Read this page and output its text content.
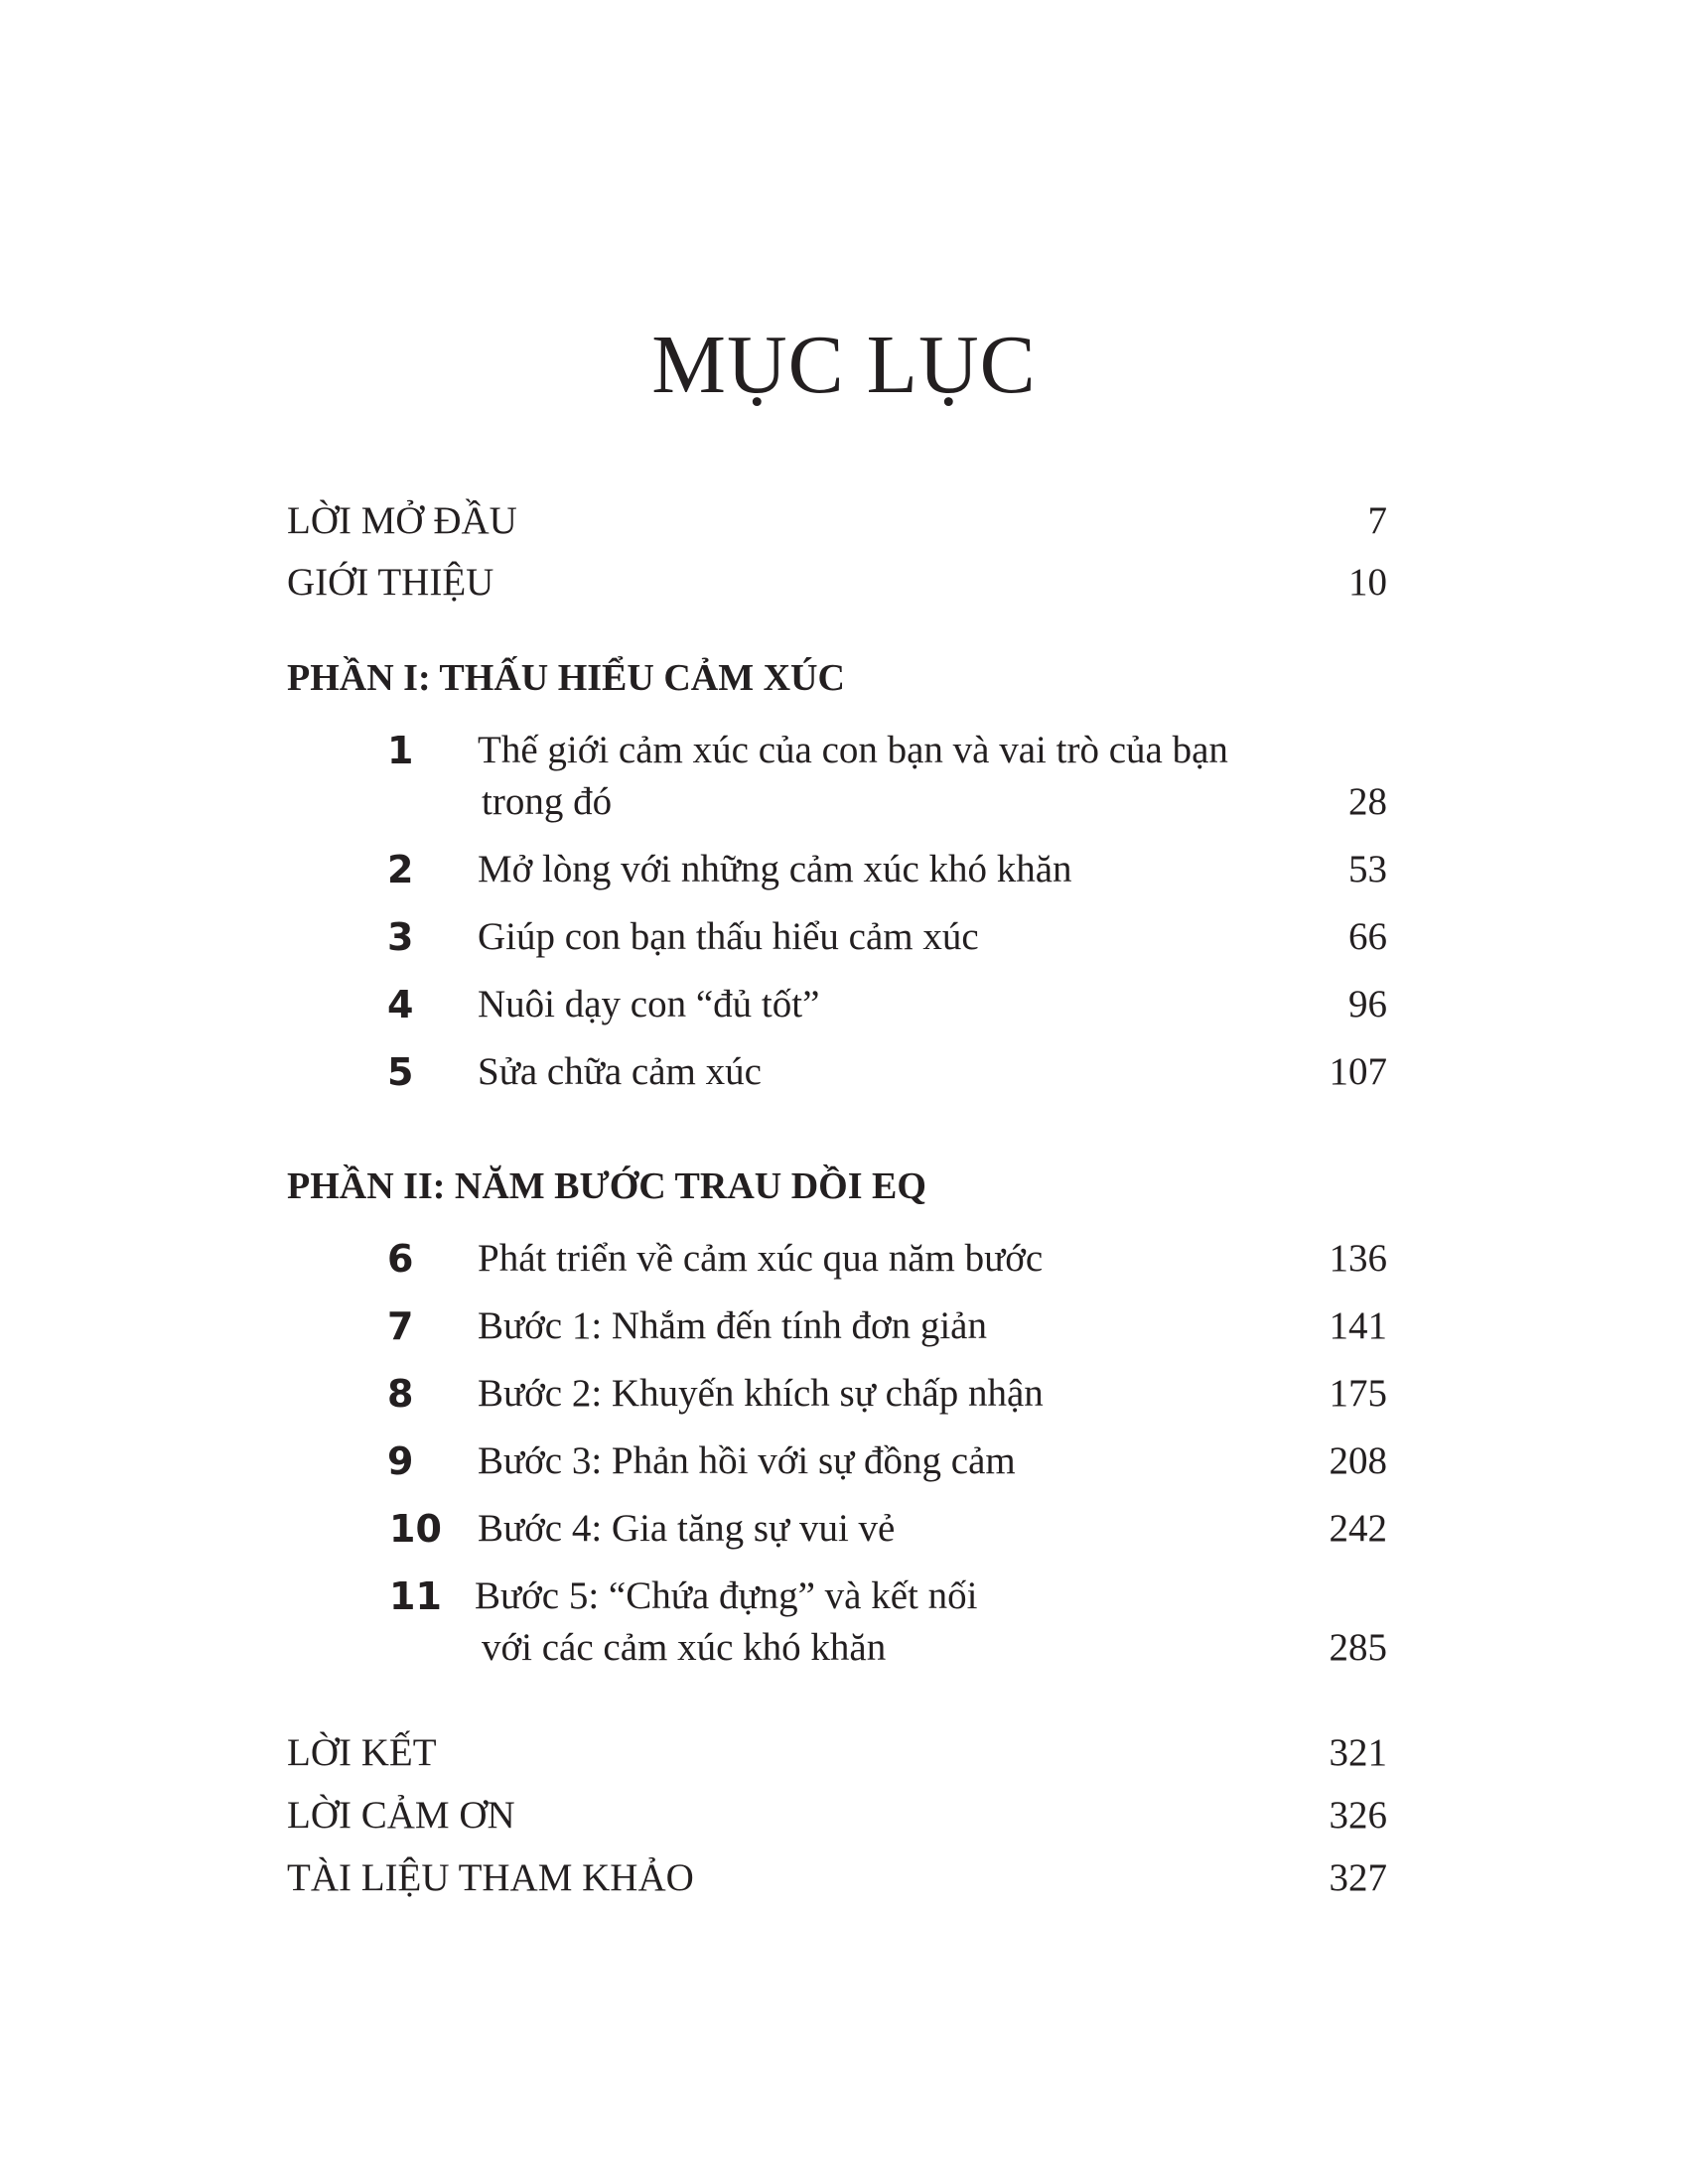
MỤC LỤC
LỜI MỞ ĐẦU	7
GIỚI THIỆU	10
PHẦN I: THẤU HIỂU CẢM XÚC
1	Thế giới cảm xúc của con bạn và vai trò của bạn
trong đó	28
2	Mở lòng với những cảm xúc khó khăn	53
3	Giúp con bạn thấu hiểu cảm xúc	66
4	Nuôi dạy con “đủ tốt”	96
5	Sửa chữa cảm xúc	107
PHẦN II: NĂM BƯỚC TRAU DỒI EQ
6	Phát triển về cảm xúc qua năm bước	136
7	Bước 1: Nhắm đến tính đơn giản	141
8	Bước 2: Khuyến khích sự chấp nhận	175
9	Bước 3: Phản hồi với sự đồng cảm	208
10 Bước 4: Gia tăng sự vui vẻ	242
11 Bước 5: “Chứa đựng” và kết nối
với các cảm xúc khó khăn	285
LỜI KẾT	321
LỜI CẢM ƠN	326
TÀI LIỆU THAM KHẢO	327
